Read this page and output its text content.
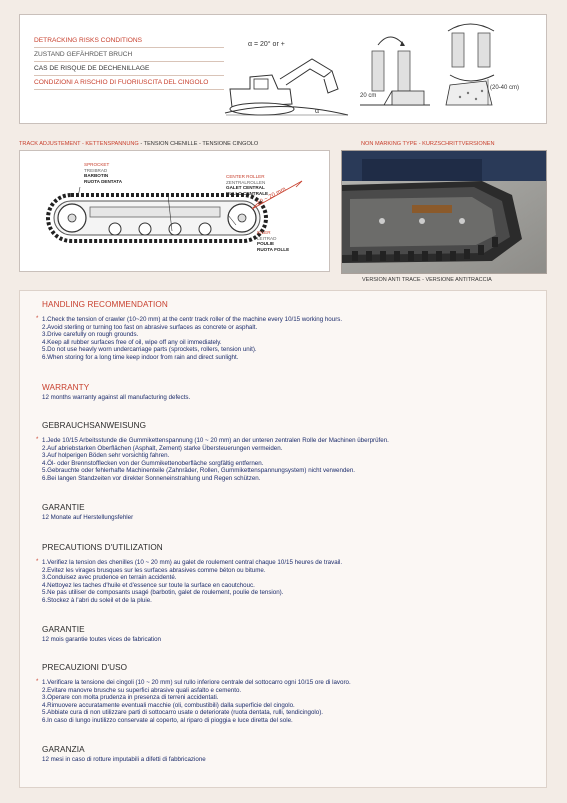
DETRACKING RISKS CONDITIONS
ZUSTAND GEFÄHRDET BRUCH
CAS DE RISQUE DE DECHENILLAGE
CONDIZIONI A RISCHIO DI FUORIUSCITA DEL CINGOLO
α = 20° or +
α
20 cm
(20-40 cm)
TRACK ADJUSTEMENT - KETTENSPANNUNG - TENSION CHENILLE - TENSIONE CINGOLO	NON MARKING TYPE - KURZSCHRITTVERSIONEN
10 ~ 20 mm
SPROCKET
TREIBRAD
BARBOTIN
RUOTA DENTATA
CENTER ROLLER
ZENTRALROLLEN
GALET CENTRAL
RULLO CENTRALE
IDLER
LEITRAD
POULIE
RUOTA FOLLE
VERSION ANTI TRACE - VERSIONE ANTITRACCIA
HANDLING RECOMMENDATION
* 1.Check the tension of crawler (10~20 mm) at the centr track roller of the machine every 10/15 working hours.
2.Avoid sterling or turning too fast on abrasive surfaces as concrete or asphalt.
3.Drive carefully on rough grounds.
4.Keep all rubber surfaces free of oil, wipe off any oil immediately.
5.Do not use heavly worn undercarriage parts (sprockets, rollers, tension unit).
6.When storing for a long time keep indoor from rain and direct sunlight.
WARRANTY

12 months warranty against all manufacturing defects.

GEBRAUCHSANWEISUNG
* 1.Jede 10/15 Arbeitsstunde die Gummikettenspannung (10 ~ 20 mm) an der unteren zentralen Rolle der Machinen überprüfen.
2.Auf abriebstarken Oberflächen (Asphalt, Zement) starke Übersteuerungen vermeiden.
3.Auf holperigen Böden sehr vorsichtig fahren.
4.Öl- oder Brennstofflecken von der Gummikettenoberfläche sorgfältig entfernen.
5.Gebrauchte oder fehlerhafte Machinenteile (Zahnräder, Rollen, Gummikettenspannungsystem) nicht verwenden.
6.Bei langen Standzeiten vor direkter Sonneneinstrahlung und Regen schützen.
GARANTIE

12 Monate auf Herstellungsfehler

PRECAUTIONS D'UTILIZATION
* 1.Verifiez la tension des chenilles (10 ~ 20 mm) au galet de roulement central chaque 10/15 heures de travail.
2.Evitez les virages brusques sur les surfaces abrasives comme béton ou bitume.
3.Conduisez avec prudence en terrain accidenté.
4.Nettoyez les taches d'huile et d'essence sur toute la surface en caoutchouc.
5.Ne pas utiliser de composants usagé (barbotin, galet de roulement, poulie de tension).
6.Stockez à l'abri du soleil et de la pluie.
GARANTIE

12 mois garantie toutes vices de fabrication

PRECAUZIONI D'USO
* 1.Verificare la tensione dei cingoli (10 ~ 20 mm) sul rullo inferiore centrale del sottocarro ogni 10/15 ore di lavoro.
2.Evitare manovre brusche su superfici abrasive quali asfalto e cemento.
3.Operare con molta prudenza in presenza di terreni accidentati.
4.Rimuovere accuratamente eventuali macchie (oli, combustibili) dalla superficie del cingolo.
5.Abbiate cura di non utilizzare parti di sottocarro usate o deteriorate (ruota dentata, rulli, tendicingolo).
6.In caso di lungo inutilizzo conservate al coperto, al riparo di pioggia e luce diretta del sole.
GARANZIA

12 mesi in caso di rotture imputabili a difetti di fabbricazione
